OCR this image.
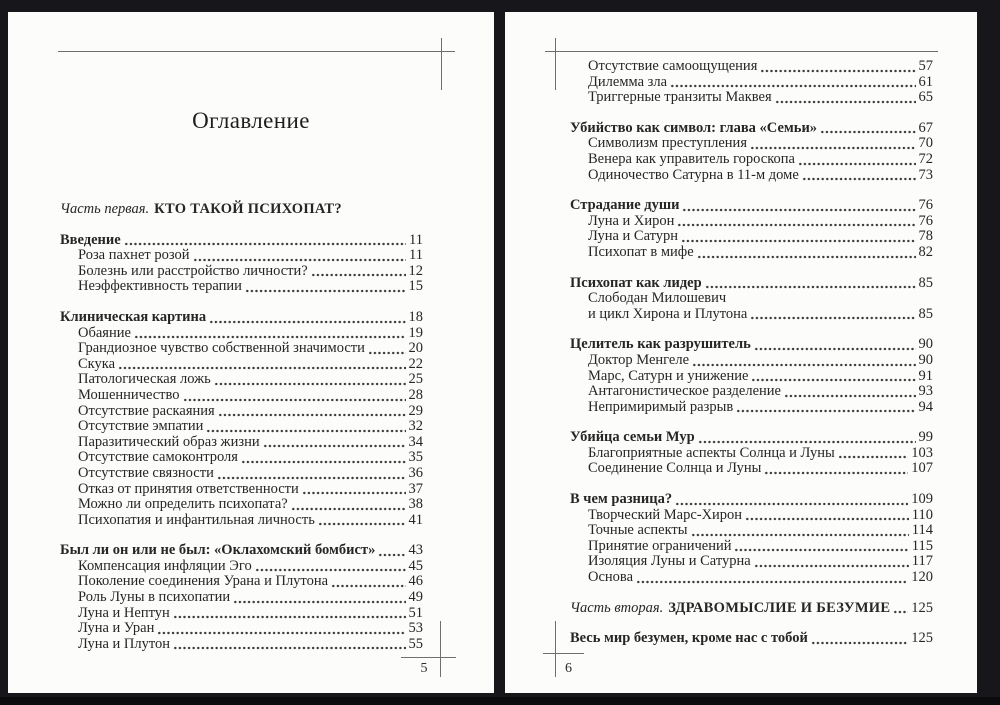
Оглавление
Часть первая. КТО ТАКОЙ ПСИХОПАТ?
Введение	11
Роза пахнет розой	11
Болезнь или расстройство личности?	12
Неэффективность терапии	15
Клиническая картина	18
Обаяние	19
Грандиозное чувство собственной значимости	20
Скука	22
Патологическая ложь	25
Мошенничество	28
Отсутствие раскаяния	29
Отсутствие эмпатии	32
Паразитический образ жизни	34
Отсутствие самоконтроля	35
Отсутствие связности	36
Отказ от принятия ответственности	37
Можно ли определить психопата?	38
Психопатия и инфантильная личность	41
Был ли он или не был: «Оклахомский бомбист» 43
Компенсация инфляции Эго	45
Поколение соединения Урана и Плутона	46
Роль Луны в психопатии	49
Луна и Нептун	51
Луна и Уран	53
Луна и Плутон	55
5
Отсутствие самоощущения	57
Дилемма зла	61
Триггерные транзиты Маквея	65
Убийство как символ: глава «Семьи»	67
Символизм преступления	70
Венера как управитель гороскопа	72
Одиночество Сатурна в 11-м доме	73
Страдание души	76
Луна и Хирон	76
Луна и Сатурн	78
Психопат в мифе	82
Психопат как лидер	85
Слободан Милошевич
и цикл Хирона и Плутона	85
Целитель как разрушитель	90
Доктор Менгеле	90
Марс, Сатурн и унижение	91
Антагонистическое разделение	93
Непримиримый разрыв	94
Убийца семьи Мур	99
Благоприятные аспекты Солнца и Луны	103
Соединение Солнца и Луны	107
В чем разница?	109
Творческий Марс-Хирон	110
Точные аспекты	114
Принятие ограничений	115
Изоляция Луны и Сатурна	117
Основа	120
Часть вторая. ЗДРАВОМЫСЛИЕ И БЕЗУМИЕ 125
Весь мир безумен, кроме нас с тобой	125
6
